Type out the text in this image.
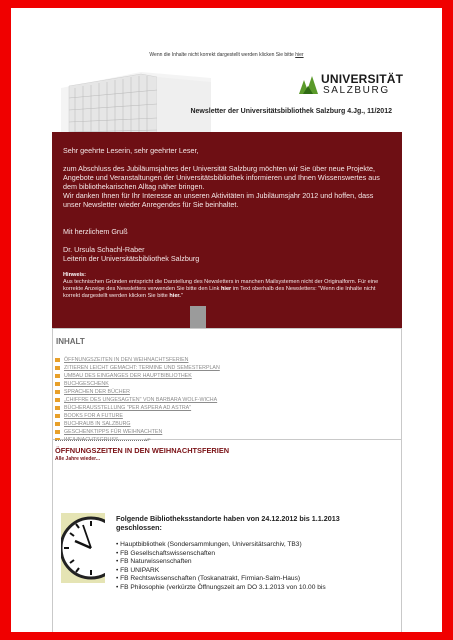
Wenn die Inhalte nicht korrekt dargestellt werden klicken Sie bitte hier
UNIVERSITÄT
SALZBURG
Newsletter der Universitätsbibliothek Salzburg 4.Jg., 11/2012
Sehr geehrte Leserin, sehr geehrter Leser,
zum Abschluss des Jubiläumsjahres der Universität Salzburg möchten wir Sie über neue Projekte, Angebote und Veranstaltungen der Universitätsbibliothek informieren und Ihnen Wissenswertes aus dem bibliothekarischen Alltag näher bringen.
Wir danken Ihnen für Ihr Interesse an unseren Aktivitäten im Jubiläumsjahr 2012 und hoffen, dass unser Newsletter wieder Anregendes für Sie beinhaltet.
Mit herzlichem Gruß
Dr. Ursula Schachl-Raber
Leiterin der Universitätsbibliothek Salzburg
Hinweis:
Aus technischen Gründen entspricht die Darstellung des Newsletters in manchen Mailsystemen nicht der Originalform. Für eine korrekte Anzeige des Newsletters verwenden Sie bitte den Link hier im Text oberhalb des Newsletters: "Wenn die Inhalte nicht korrekt dargestellt werden klicken Sie bitte hier."
INHALT
ÖFFNUNGSZEITEN IN DEN WEIHNACHTSFERIEN
ZITIEREN LEICHT GEMACHT: TERMINE UND SEMESTERPLAN
UMBAU DES EINGANGES DER HAUPTBIBLIOTHEK
BUCHGESCHENK
SPRACHEN DER BÜCHER
„CHIFFRE DES UNGESAGTEN" VON BARBARA WOLF-WICHA
BÜCHERAUSSTELLUNG "PER ASPERA AD ASTRA"
BOOKS FOR A FUTURE
BUCHRAUB IN SALZBURG
GESCHENKTIPPS FÜR WEIHNACHTEN
UP
ÖFFNUNGSZEITEN IN DEN WEIHNACHTSFERIEN
Alle Jahre wieder...
Folgende Bibliotheksstandorte haben von 24.12.2012 bis 1.1.2013 geschlossen:
• Hauptbibliothek (Sondersammlungen, Universitätsarchiv, TB3)
• FB Gesellschaftswissenschaften
• FB Naturwissenschaften
• FB UNIPARK
• FB Rechtswissenschaften (Toskanatrakt, Firmian-Salm-Haus)
• FB Philosophie (verkürzte Öffnungszeit am DO 3.1.2013 von 10.00 bis
